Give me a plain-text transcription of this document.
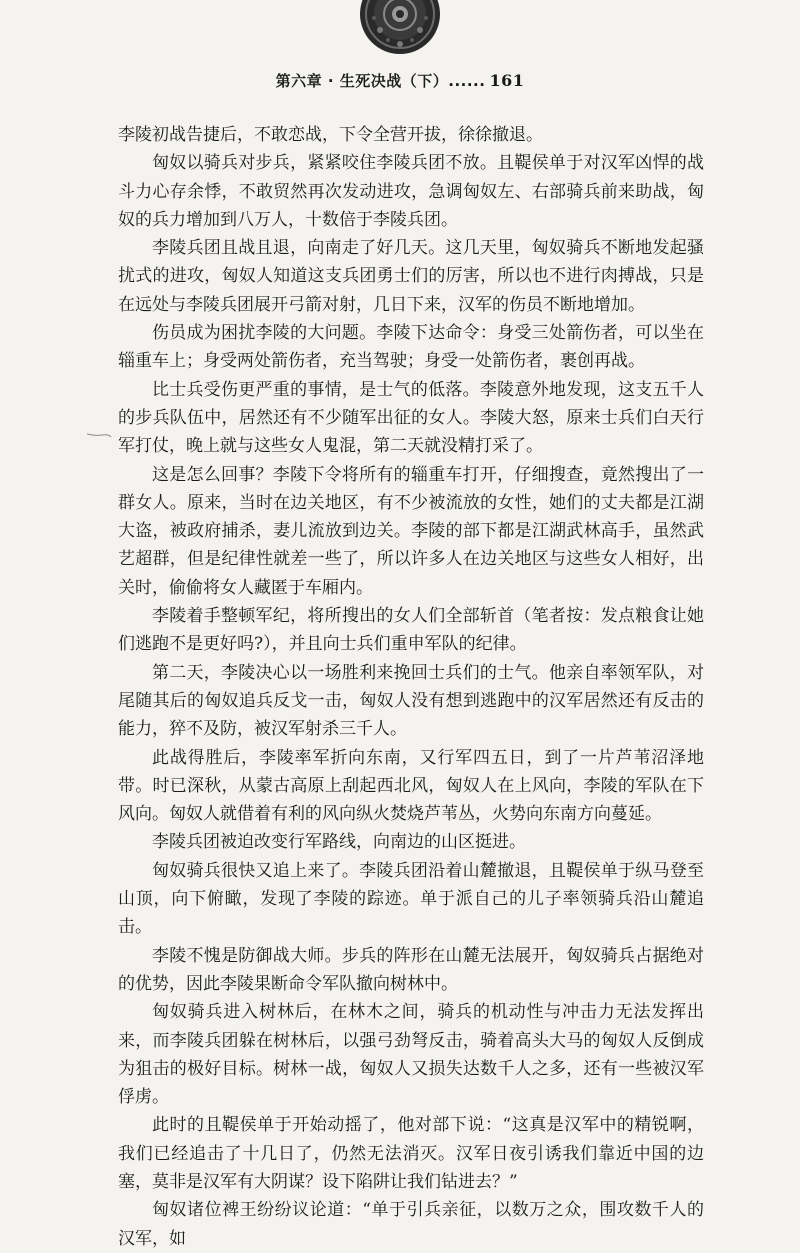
第六章 · 生死决战（下）...... 161

李陵初战告捷后，不敢恋战，下令全营开拔，徐徐撤退。

匈奴以骑兵对步兵，紧紧咬住李陵兵团不放。且鞮侯单于对汉军凶悍的战斗力心存余悸，不敢贸然再次发动进攻，急调匈奴左、右部骑兵前来助战，匈奴的兵力增加到八万人，十数倍于李陵兵团。

李陵兵团且战且退，向南走了好几天。这几天里，匈奴骑兵不断地发起骚扰式的进攻，匈奴人知道这支兵团勇士们的厉害，所以也不进行肉搏战，只是在远处与李陵兵团展开弓箭对射，几日下来，汉军的伤员不断地增加。

伤员成为困扰李陵的大问题。李陵下达命令：身受三处箭伤者，可以坐在辎重车上；身受两处箭伤者，充当驾驶；身受一处箭伤者，裹创再战。

比士兵受伤更严重的事情，是士气的低落。李陵意外地发现，这支五千人的步兵队伍中，居然还有不少随军出征的女人。李陵大怒，原来士兵们白天行军打仗，晚上就与这些女人鬼混，第二天就没精打采了。

这是怎么回事？李陵下令将所有的辎重车打开，仔细搜查，竟然搜出了一群女人。原来，当时在边关地区，有不少被流放的女性，她们的丈夫都是江湖大盗，被政府捕杀，妻儿流放到边关。李陵的部下都是江湖武林高手，虽然武艺超群，但是纪律性就差一些了，所以许多人在边关地区与这些女人相好，出关时，偷偷将女人藏匿于车厢内。

李陵着手整顿军纪，将所搜出的女人们全部斩首（笔者按：发点粮食让她们逃跑不是更好吗?），并且向士兵们重申军队的纪律。

第二天，李陵决心以一场胜利来挽回士兵们的士气。他亲自率领军队，对尾随其后的匈奴追兵反戈一击，匈奴人没有想到逃跑中的汉军居然还有反击的能力，猝不及防，被汉军射杀三千人。

此战得胜后，李陵率军折向东南，又行军四五日，到了一片芦苇沼泽地带。时已深秋，从蒙古高原上刮起西北风，匈奴人在上风向，李陵的军队在下风向。匈奴人就借着有利的风向纵火焚烧芦苇丛，火势向东南方向蔓延。

李陵兵团被迫改变行军路线，向南边的山区挺进。

匈奴骑兵很快又追上来了。李陵兵团沿着山麓撤退，且鞮侯单于纵马登至山顶，向下俯瞰，发现了李陵的踪迹。单于派自己的儿子率领骑兵沿山麓追击。

李陵不愧是防御战大师。步兵的阵形在山麓无法展开，匈奴骑兵占据绝对的优势，因此李陵果断命令军队撤向树林中。

匈奴骑兵进入树林后，在林木之间，骑兵的机动性与冲击力无法发挥出来，而李陵兵团躲在树林后，以强弓劲弩反击，骑着高头大马的匈奴人反倒成为狙击的极好目标。树林一战，匈奴人又损失达数千人之多，还有一些被汉军俘虏。

此时的且鞮侯单于开始动摇了，他对部下说：“这真是汉军中的精锐啊，我们已经追击了十几日了，仍然无法消灭。汉军日夜引诱我们靠近中国的边塞，莫非是汉军有大阴谋？设下陷阱让我们钻进去？”

匈奴诸位裨王纷纷议论道：“单于引兵亲征，以数万之众，围攻数千人的汉军，如
